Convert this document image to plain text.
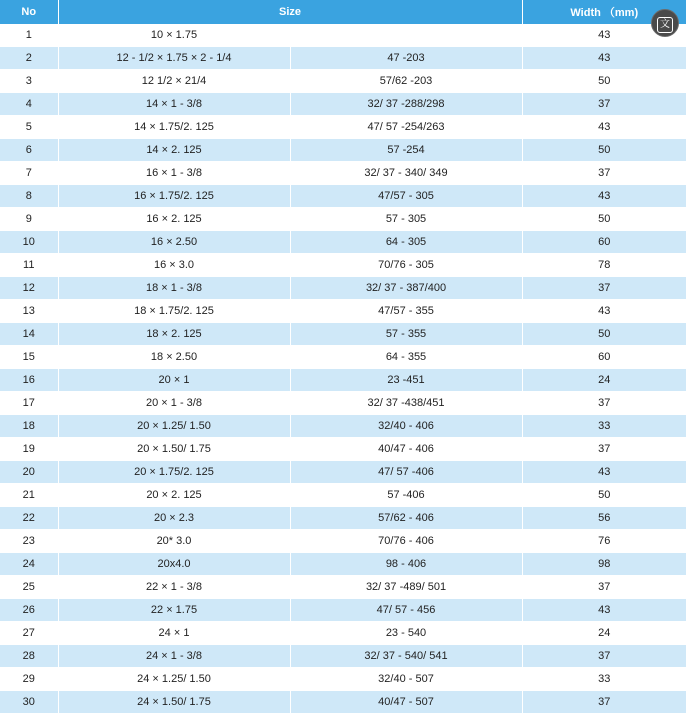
No	Size		Width （mm)
1	10 × 1.75		43
2	12 - 1/2 × 1.75 × 2 - 1/4	47 -203	43
3	12 1/2 × 21/4	57/62 -203	50
4	14 × 1 - 3/8	32/ 37 -288/298	37
5	14 × 1.75/2. 125	47/ 57 -254/263	43
6	14 × 2. 125	57 -254	50
7	16 × 1 - 3/8	32/ 37 - 340/ 349	37
8	16 × 1.75/2. 125	47/57 - 305	43
9	16 × 2. 125	57 - 305	50
10	16 × 2.50	64 - 305	60
11	16 × 3.0	70/76 - 305	78
12	18 × 1 - 3/8	32/ 37 - 387/400	37
13	18 × 1.75/2. 125	47/57 - 355	43
14	18 × 2. 125	57 - 355	50
15	18 × 2.50	64 - 355	60
16	20 × 1	23 -451	24
17	20 × 1 - 3/8	32/ 37 -438/451	37
18	20 × 1.25/ 1.50	32/40 - 406	33
19	20 × 1.50/ 1.75	40/47 - 406	37
20	20 × 1.75/2. 125	47/ 57 -406	43
21	20 × 2. 125	57 -406	50
22	20 × 2.3	57/62 - 406	56
23	20* 3.0	70/76 - 406	76
24	20x4.0	98 - 406	98
25	22 × 1 - 3/8	32/ 37 -489/ 501	37
26	22 × 1.75	47/ 57 - 456	43
27	24 × 1	23 - 540	24
28	24 × 1 - 3/8	32/ 37 - 540/ 541	37
29	24 × 1.25/ 1.50	32/40 - 507	33
30	24 × 1.50/ 1.75	40/47 - 507	37
文
